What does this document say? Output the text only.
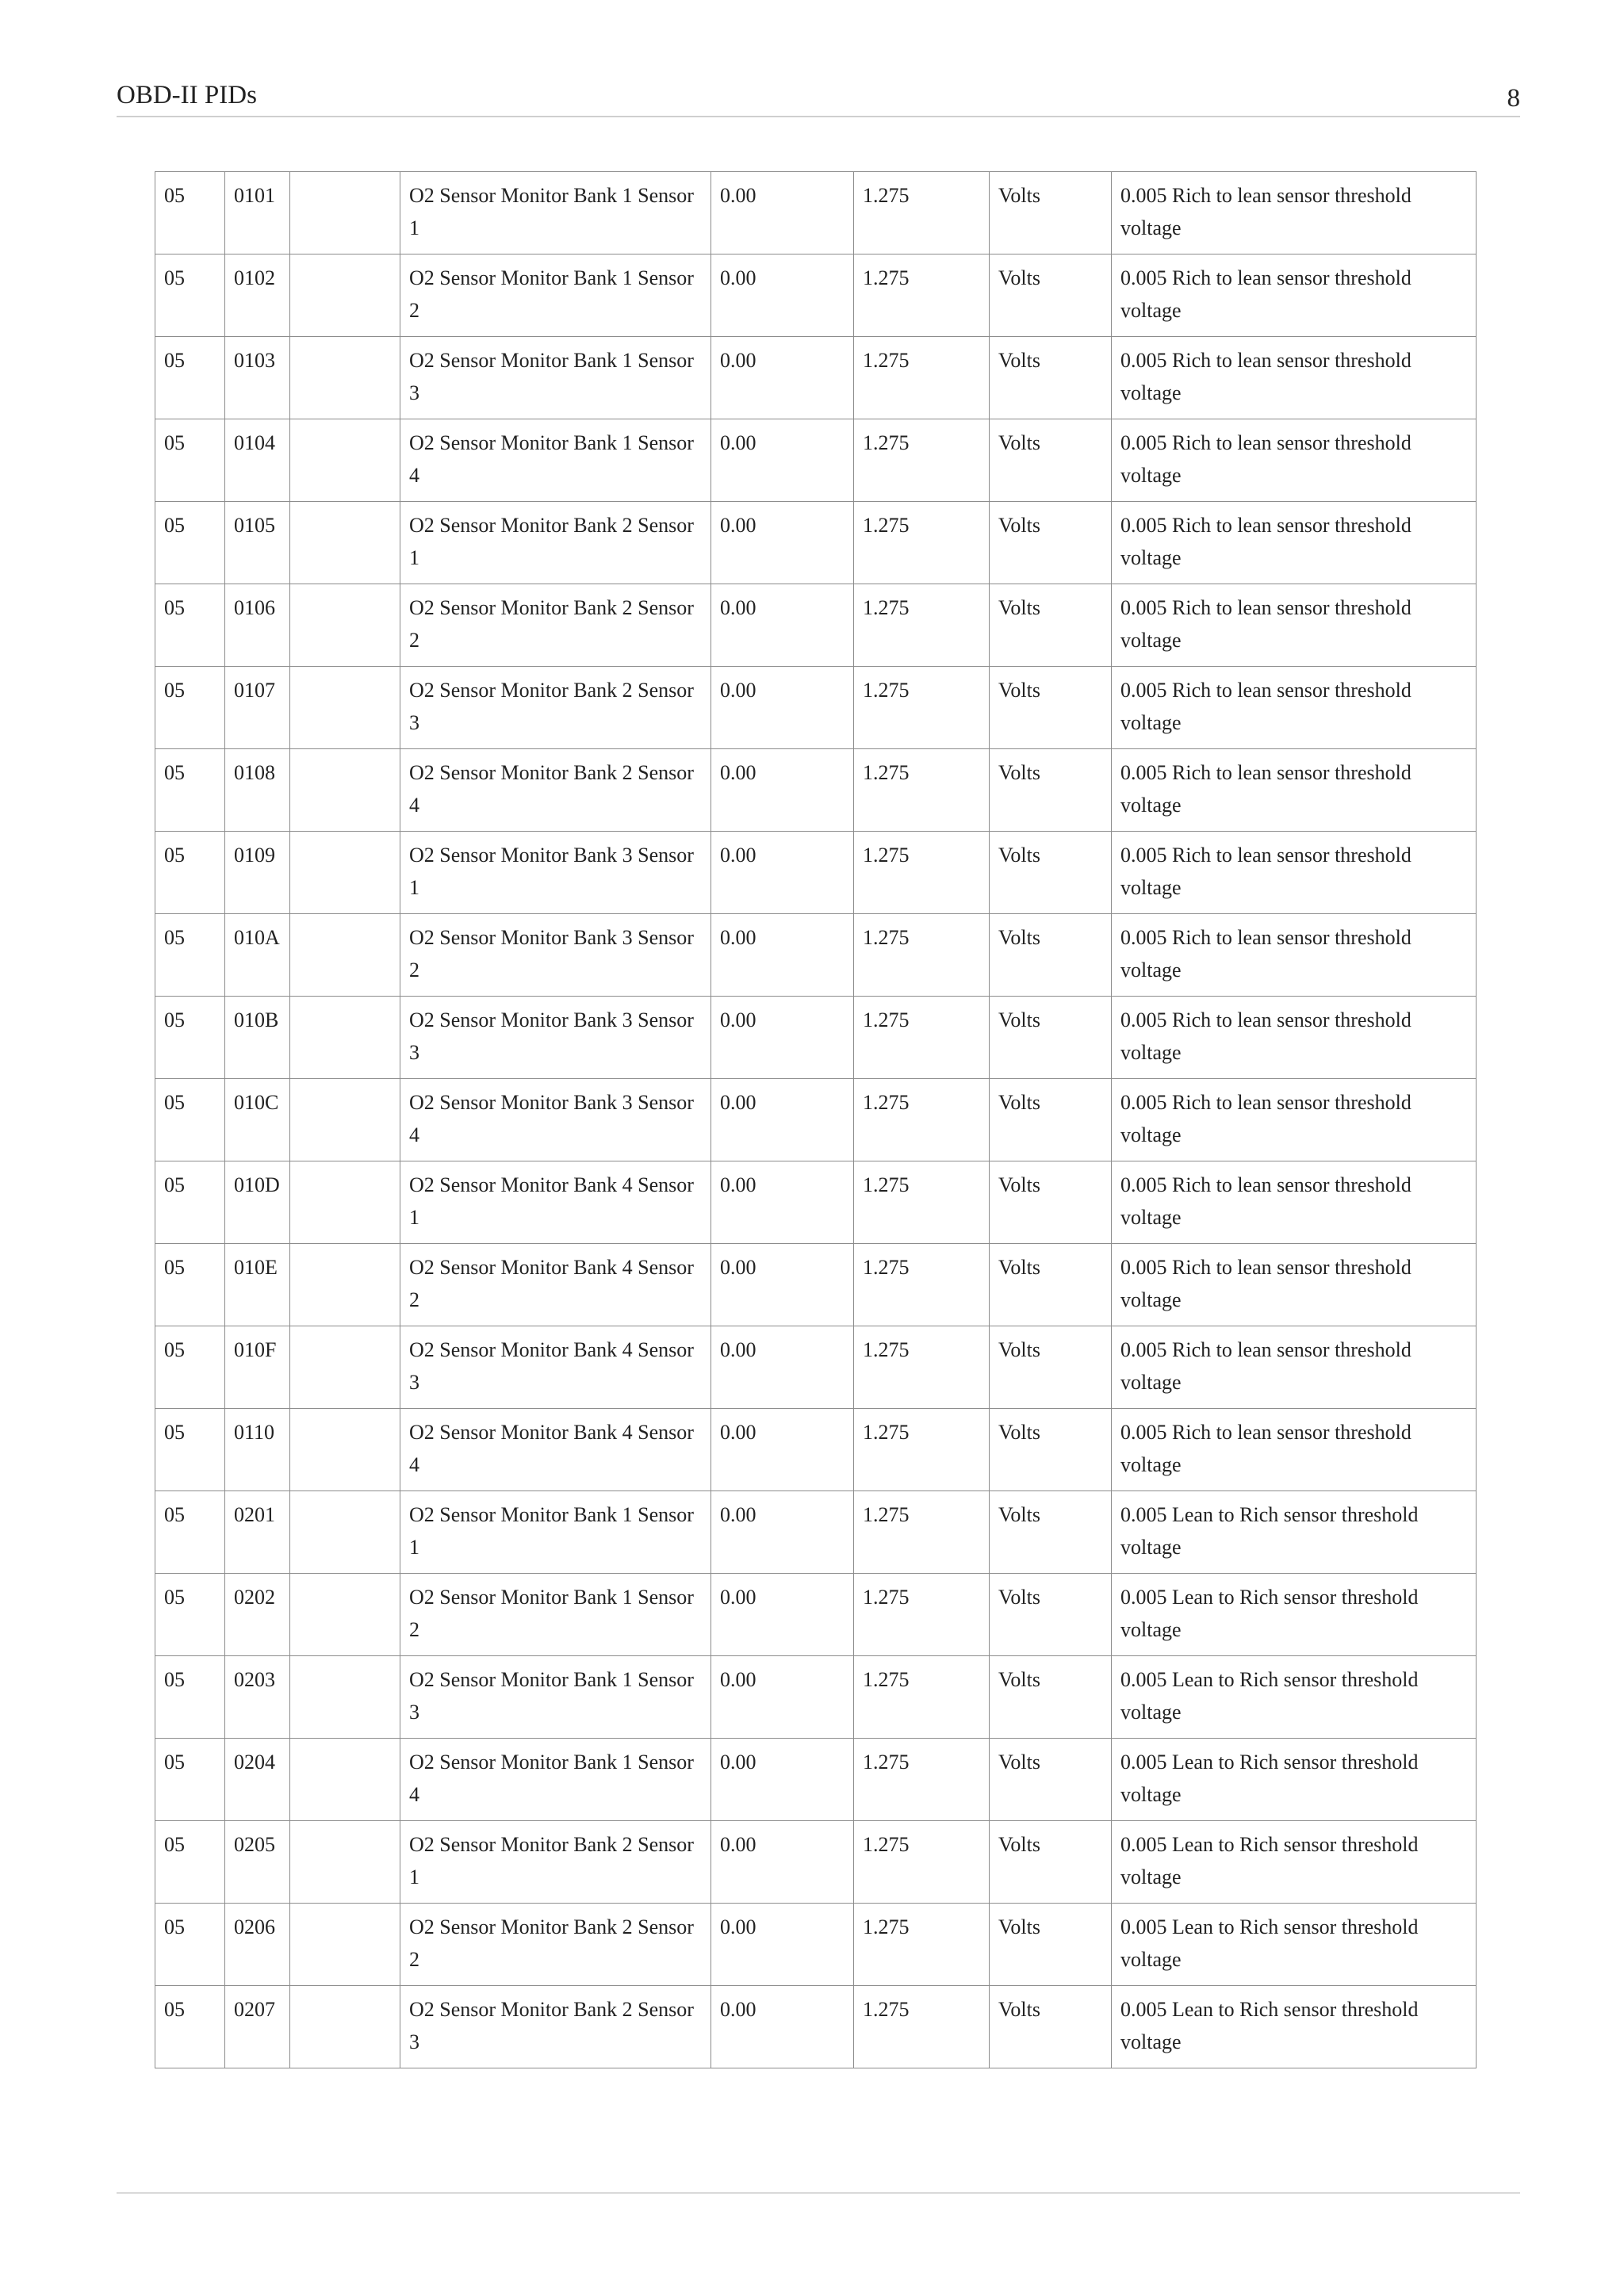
OBD-II PIDs	8
05	0101		O2 Sensor Monitor Bank 1 Sensor 1	0.00	1.275	Volts	0.005 Rich to lean sensor threshold voltage
05	0102		O2 Sensor Monitor Bank 1 Sensor 2	0.00	1.275	Volts	0.005 Rich to lean sensor threshold voltage
05	0103		O2 Sensor Monitor Bank 1 Sensor 3	0.00	1.275	Volts	0.005 Rich to lean sensor threshold voltage
05	0104		O2 Sensor Monitor Bank 1 Sensor 4	0.00	1.275	Volts	0.005 Rich to lean sensor threshold voltage
05	0105		O2 Sensor Monitor Bank 2 Sensor 1	0.00	1.275	Volts	0.005 Rich to lean sensor threshold voltage
05	0106		O2 Sensor Monitor Bank 2 Sensor 2	0.00	1.275	Volts	0.005 Rich to lean sensor threshold voltage
05	0107		O2 Sensor Monitor Bank 2 Sensor 3	0.00	1.275	Volts	0.005 Rich to lean sensor threshold voltage
05	0108		O2 Sensor Monitor Bank 2 Sensor 4	0.00	1.275	Volts	0.005 Rich to lean sensor threshold voltage
05	0109		O2 Sensor Monitor Bank 3 Sensor 1	0.00	1.275	Volts	0.005 Rich to lean sensor threshold voltage
05	010A		O2 Sensor Monitor Bank 3 Sensor 2	0.00	1.275	Volts	0.005 Rich to lean sensor threshold voltage
05	010B		O2 Sensor Monitor Bank 3 Sensor 3	0.00	1.275	Volts	0.005 Rich to lean sensor threshold voltage
05	010C		O2 Sensor Monitor Bank 3 Sensor 4	0.00	1.275	Volts	0.005 Rich to lean sensor threshold voltage
05	010D		O2 Sensor Monitor Bank 4 Sensor 1	0.00	1.275	Volts	0.005 Rich to lean sensor threshold voltage
05	010E		O2 Sensor Monitor Bank 4 Sensor 2	0.00	1.275	Volts	0.005 Rich to lean sensor threshold voltage
05	010F		O2 Sensor Monitor Bank 4 Sensor 3	0.00	1.275	Volts	0.005 Rich to lean sensor threshold voltage
05	0110		O2 Sensor Monitor Bank 4 Sensor 4	0.00	1.275	Volts	0.005 Rich to lean sensor threshold voltage
05	0201		O2 Sensor Monitor Bank 1 Sensor 1	0.00	1.275	Volts	0.005 Lean to Rich sensor threshold voltage
05	0202		O2 Sensor Monitor Bank 1 Sensor 2	0.00	1.275	Volts	0.005 Lean to Rich sensor threshold voltage
05	0203		O2 Sensor Monitor Bank 1 Sensor 3	0.00	1.275	Volts	0.005 Lean to Rich sensor threshold voltage
05	0204		O2 Sensor Monitor Bank 1 Sensor 4	0.00	1.275	Volts	0.005 Lean to Rich sensor threshold voltage
05	0205		O2 Sensor Monitor Bank 2 Sensor 1	0.00	1.275	Volts	0.005 Lean to Rich sensor threshold voltage
05	0206		O2 Sensor Monitor Bank 2 Sensor 2	0.00	1.275	Volts	0.005 Lean to Rich sensor threshold voltage
05	0207		O2 Sensor Monitor Bank 2 Sensor 3	0.00	1.275	Volts	0.005 Lean to Rich sensor threshold voltage
